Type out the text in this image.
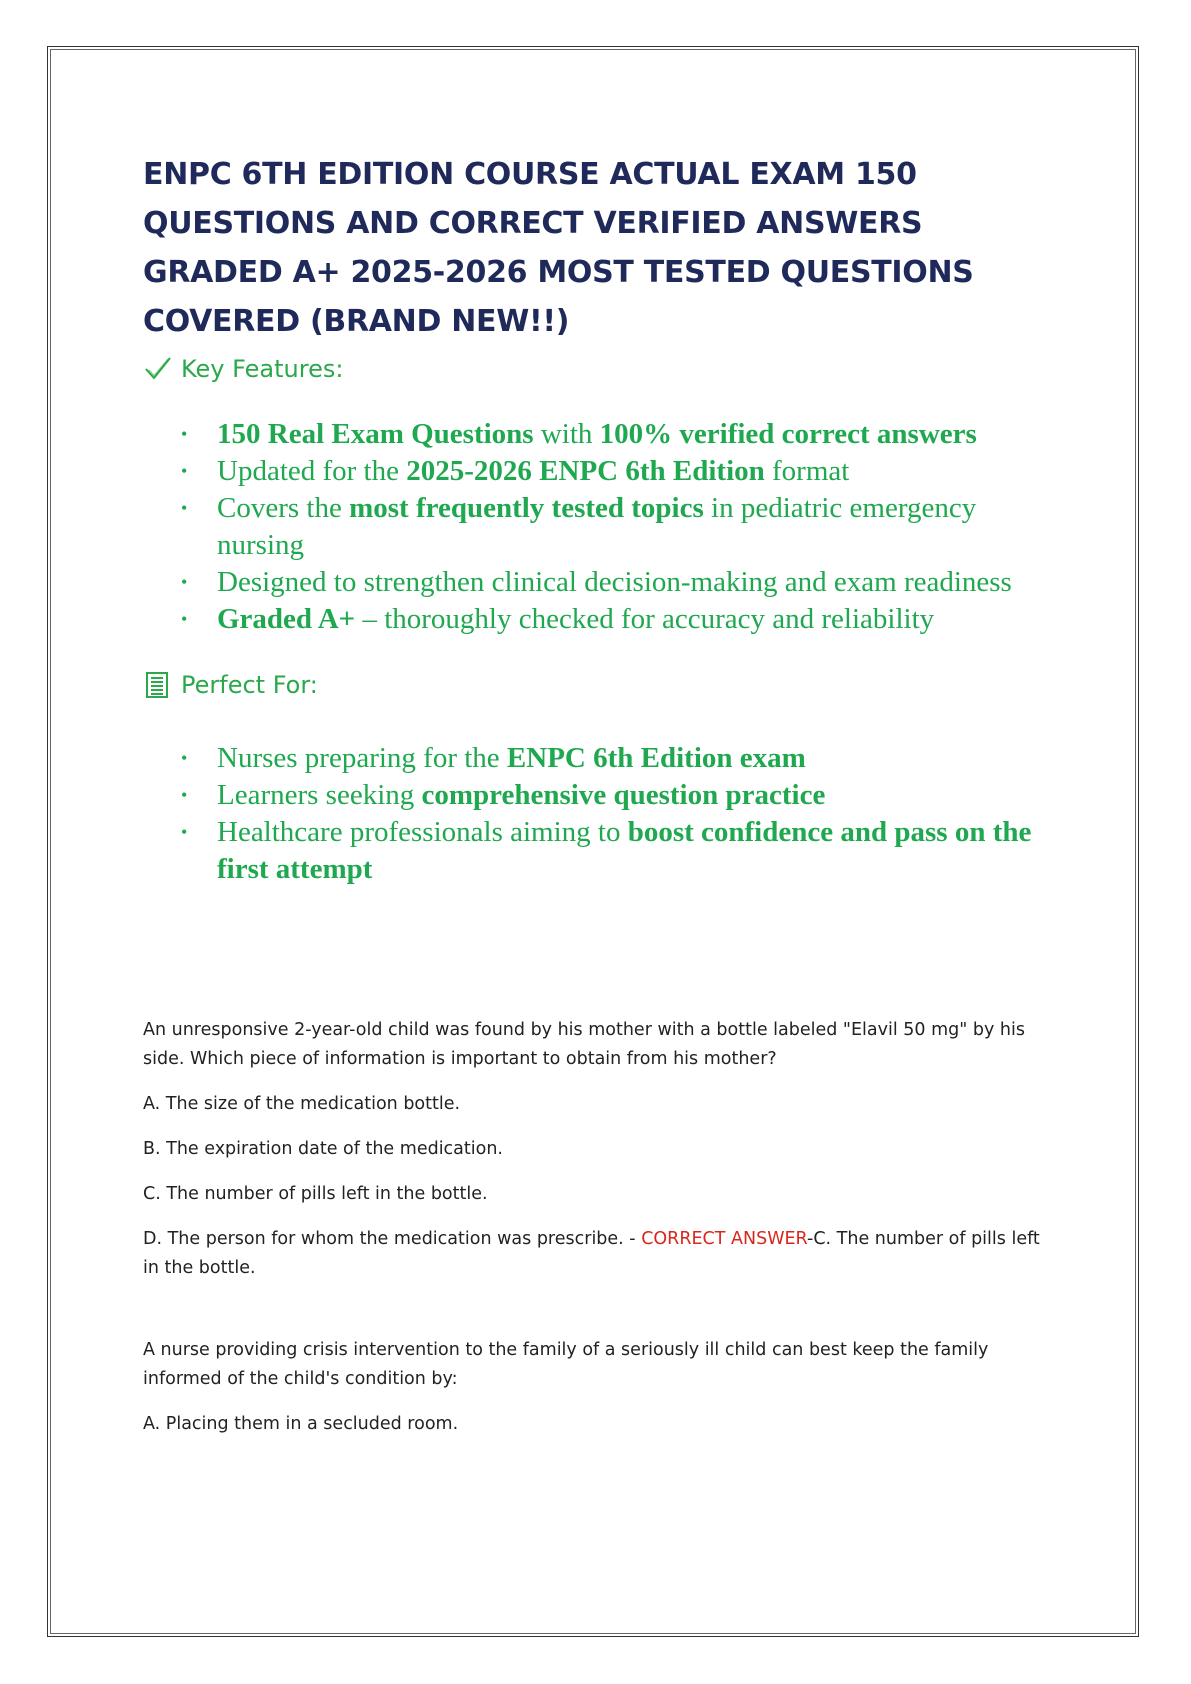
ENPC 6TH EDITION COURSE ACTUAL EXAM 150 QUESTIONS AND CORRECT VERIFIED ANSWERS GRADED A+ 2025-2026 MOST TESTED QUESTIONS COVERED (BRAND NEW!!)
Key Features:
• 150 Real Exam Questions with 100% verified correct answers
• Updated for the 2025-2026 ENPC 6th Edition format
• Covers the most frequently tested topics in pediatric emergency nursing
• Designed to strengthen clinical decision-making and exam readiness
• Graded A+ – thoroughly checked for accuracy and reliability
Perfect For:
• Nurses preparing for the ENPC 6th Edition exam
• Learners seeking comprehensive question practice
• Healthcare professionals aiming to boost confidence and pass on the first attempt

An unresponsive 2-year-old child was found by his mother with a bottle labeled "Elavil 50 mg" by his side. Which piece of information is important to obtain from his mother?

A. The size of the medication bottle.

B. The expiration date of the medication.

C. The number of pills left in the bottle.

D. The person for whom the medication was prescribe. - CORRECT ANSWER-C. The number of pills left in the bottle.

A nurse providing crisis intervention to the family of a seriously ill child can best keep the family informed of the child's condition by:

A. Placing them in a secluded room.
